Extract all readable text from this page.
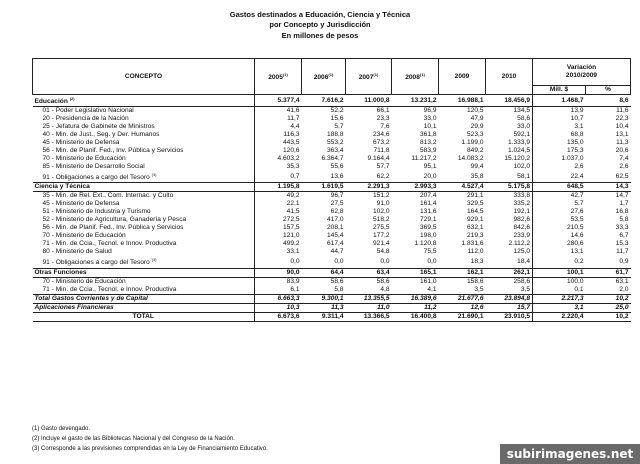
Gastos destinados a Educación, Ciencia y Técnica
por Concepto y Jurisdicción
En millones de pesos
CONCEPTO	2005$^{(1)}$	2006$^{(1)}$	2007$^{(1)}$	2008$^{(1)}$	2009	2010	Variación
2010/2009	

							Mill. $	%
Educación $^{(2)}$	5.377,4	7.616,2	11.000,8	13.231,2	16.988,1	18.456,9	1.468,7	8,6
01 - Poder Legislativo Nacional	41,6	52,2	66,1	96,9	120,5	134,5	13,9	11,6
20 - Presidencia de la Nación	11,7	15,6	23,3	33,0	47,9	58,6	10,7	22,3
25 - Jefatura de Gabinete de Ministros	4,4	5,7	7,6	10,1	29,9	33,0	3,1	10,4
40 - Min. de Just., Seg. y Der. Humanos	116,3	188,8	234,6	361,8	523,3	592,1	68,8	13,1
45 - Ministerio de Defensa	443,5	553,2	673,2	813,2	1.199,0	1.333,9	135,0	11,3
56 - Min. de Planif. Fed., Inv. Pública y Servicios	120,6	363,4	711,8	583,9	849,2	1.024,5	175,3	20,6
70 - Ministerio de Educación	4.603,2	6.364,7	9.164,4	11.217,2	14.083,2	15.120,2	1.037,0	7,4
85 - Ministerio de Desarrollo Social	35,3	55,6	57,7	95,1	99,4	102,0	2,6	2,6
91 - Obligaciones a cargo del Tesoro $^{(3)}$	0,7	13,6	62,2	20,0	35,8	58,1	22,4	62,5
Ciencia y Técnica	1.195,8	1.619,5	2.291,3	2.993,3	4.527,4	5.175,8	648,5	14,3
35 - Min. de Rel. Ext., Com. Internac. y Culto	49,2	96,7	151,2	207,4	291,1	333,8	42,7	14,7
45 - Ministerio de Defensa	22,1	27,5	91,0	161,4	329,5	335,2	5,7	1,7
51 - Ministerio de Industria y Turismo	41,5	62,8	102,0	131,6	164,5	192,1	27,6	16,8
52 - Ministerio de Agricultura, Ganadería y Pesca	272,5	417,0	518,2	729,1	929,1	982,6	53,5	5,8
56 - Min. de Planif. Fed., Inv. Pública y Servicios	157,5	208,1	275,5	369,5	632,1	842,6	210,5	33,3
70 - Ministerio de Educación	121,0	145,4	177,2	198,0	219,3	233,9	14,6	6,7
71 - Min. de Ccia., Tecnol. e Innov. Productiva	499,2	617,4	921,4	1.120,8	1.831,6	2.112,2	280,6	15,3
80 - Ministerio de Salud	33,1	44,7	54,8	75,5	112,0	125,0	13,1	11,7
91 - Obligaciones a cargo del Tesoro $^{(3)}$	0,0	0,0	0,0	0,0	18,3	18,4	0,2	0,9
Otras Funciones	90,0	64,4	63,4	165,1	162,1	262,1	100,1	61,7
70 - Ministerio de Educación	83,9	58,6	58,6	161,0	158,6	258,6	100,0	63,1
71 - Min. de Ccia., Tecnol. e Innov. Productiva	6,1	5,8	4,8	4,1	3,5	3,5	0,1	2,0
Total Gastos Corrientes y de Capital	6.663,3	9.300,1	13.355,5	16.389,6	21.677,6	23.894,8	2.217,3	10,2
Aplicaciones Financieras	10,3	11,3	11,0	11,2	12,6	15,7	3,1	25,0
TOTAL	6.673,6	9.311,4	13.366,5	16.400,8	21.690,1	23.910,5	2.220,4	10,2
(1) Gasto devengado.
(2) Incluye el gasto de las Bibliotecas Nacional y del Congreso de la Nación.
(3) Corresponde a las previsiones comprendidas en la Ley de Financiamiento Educativo.	subirimagenes.net
